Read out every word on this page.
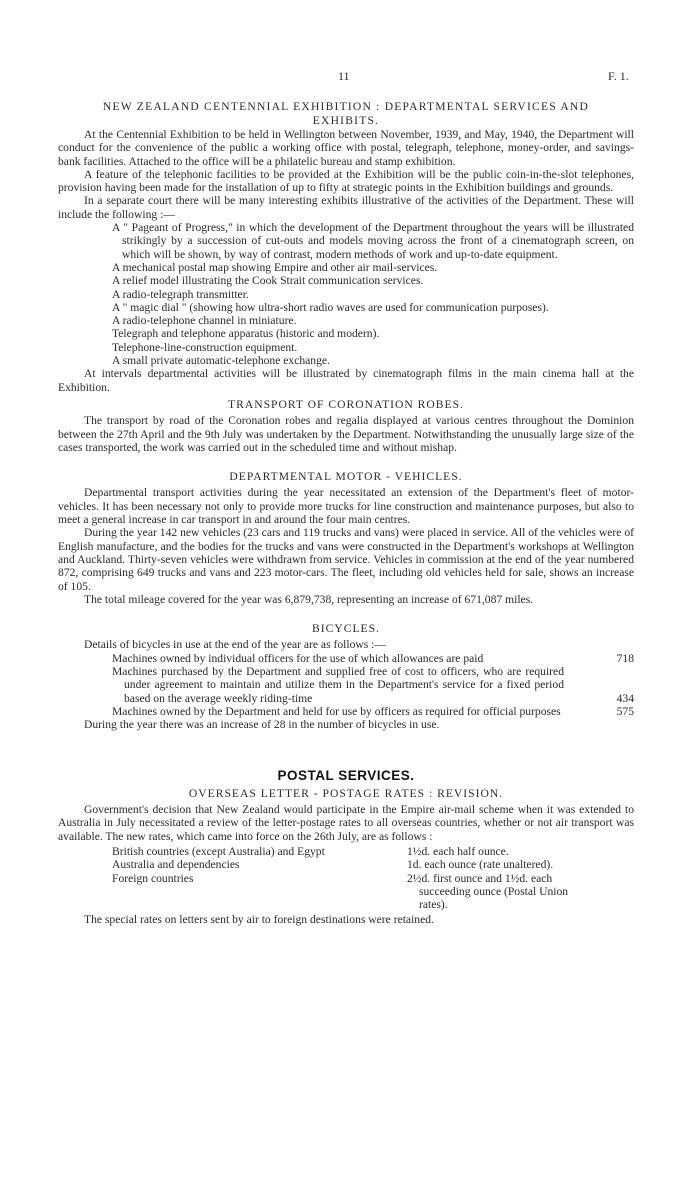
11	F. 1.
NEW ZEALAND CENTENNIAL EXHIBITION : DEPARTMENTAL SERVICES AND
EXHIBITS.

At the Centennial Exhibition to be held in Wellington between November, 1939, and May, 1940, the Department will conduct for the convenience of the public a working office with postal, telegraph, telephone, money-order, and savings-bank facilities. Attached to the office will be a philatelic bureau and stamp exhibition.

A feature of the telephonic facilities to be provided at the Exhibition will be the public coin-in-the-slot telephones, provision having been made for the installation of up to fifty at strategic points in the Exhibition buildings and grounds.

In a separate court there will be many interesting exhibits illustrative of the activities of the Department. These will include the following :—

A " Pageant of Progress," in which the development of the Department throughout the years will be illustrated strikingly by a succession of cut-outs and models moving across the front of a cinematograph screen, on which will be shown, by way of contrast, modern methods of work and up-to-date equipment.
A mechanical postal map showing Empire and other air mail-services.
A relief model illustrating the Cook Strait communication services.
A radio-telegraph transmitter.
A " magic dial " (showing how ultra-short radio waves are used for communication purposes).
A radio-telephone channel in miniature.
Telegraph and telephone apparatus (historic and modern).
Telephone-line-construction equipment.
A small private automatic-telephone exchange.

At intervals departmental activities will be illustrated by cinematograph films in the main cinema hall at the Exhibition.

TRANSPORT OF CORONATION ROBES.

The transport by road of the Coronation robes and regalia displayed at various centres throughout the Dominion between the 27th April and the 9th July was undertaken by the Department. Notwithstanding the unusually large size of the cases transported, the work was carried out in the scheduled time and without mishap.

DEPARTMENTAL MOTOR - VEHICLES.

Departmental transport activities during the year necessitated an extension of the Department's fleet of motor-vehicles. It has been necessary not only to provide more trucks for line construction and maintenance purposes, but also to meet a general increase in car transport in and around the four main centres.

During the year 142 new vehicles (23 cars and 119 trucks and vans) were placed in service. All of the vehicles were of English manufacture, and the bodies for the trucks and vans were constructed in the Department's workshops at Wellington and Auckland. Thirty-seven vehicles were withdrawn from service. Vehicles in commission at the end of the year numbered 872, comprising 649 trucks and vans and 223 motor-cars. The fleet, including old vehicles held for sale, shows an increase of 105.

The total mileage covered for the year was 6,879,738, representing an increase of 671,087 miles.

BICYCLES.

Details of bicycles in use at the end of the year are as follows :—

Machines owned by individual officers for the use of which allowances are paid	718
Machines purchased by the Department and supplied free of cost to officers, who are required under agreement to maintain and utilize them in the Department's service for a fixed period based on the average weekly riding-time	434
Machines owned by the Department and held for use by officers as required for official purposes	575

During the year there was an increase of 28 in the number of bicycles in use.

POSTAL SERVICES.
OVERSEAS LETTER - POSTAGE RATES : REVISION.

Government's decision that New Zealand would participate in the Empire air-mail scheme when it was extended to Australia in July necessitated a review of the letter-postage rates to all overseas countries, whether or not air transport was available. The new rates, which came into force on the 26th July, are as follows :

British countries (except Australia) and Egypt	1½d. each half ounce.
Australia and dependencies	1d. each ounce (rate unaltered).
Foreign countries	2½d. first ounce and 1½d. each succeeding ounce (Postal Union rates).

The special rates on letters sent by air to foreign destinations were retained.
